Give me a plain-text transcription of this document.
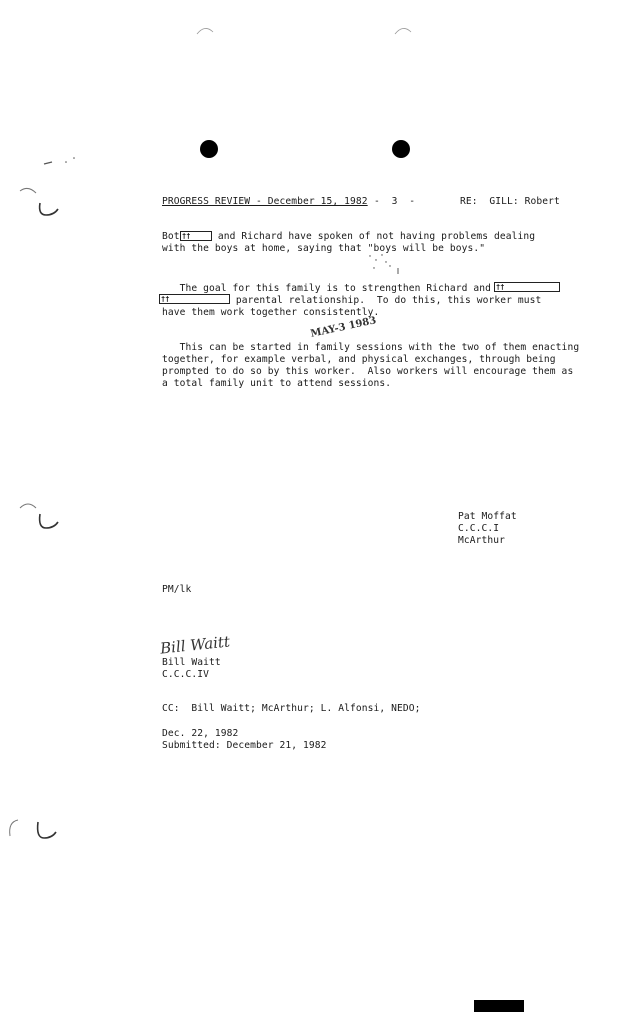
PROGRESS REVIEW - December 15, 1982 -  3  -	RE:  GILL: Robert
Bot ††	and Richard have spoken of not having problems dealing
with the boys at home, saying that "boys will be boys."
The goal for this family is to strengthen Richard and ††
††	parental relationship.  To do this, this worker must
have them work together consistently.
MAY-3 1983
This can be started in family sessions with the two of them enacting
together, for example verbal, and physical exchanges, through being
prompted to do so by this worker.  Also workers will encourage them as
a total family unit to attend sessions.
Pat Moffat
C.C.C.I
McArthur
PM/lk
Bill Waitt
Bill Waitt
C.C.C.IV
CC:  Bill Waitt; McArthur; L. Alfonsi, NEDO;
Dec. 22, 1982
Submitted: December 21, 1982
